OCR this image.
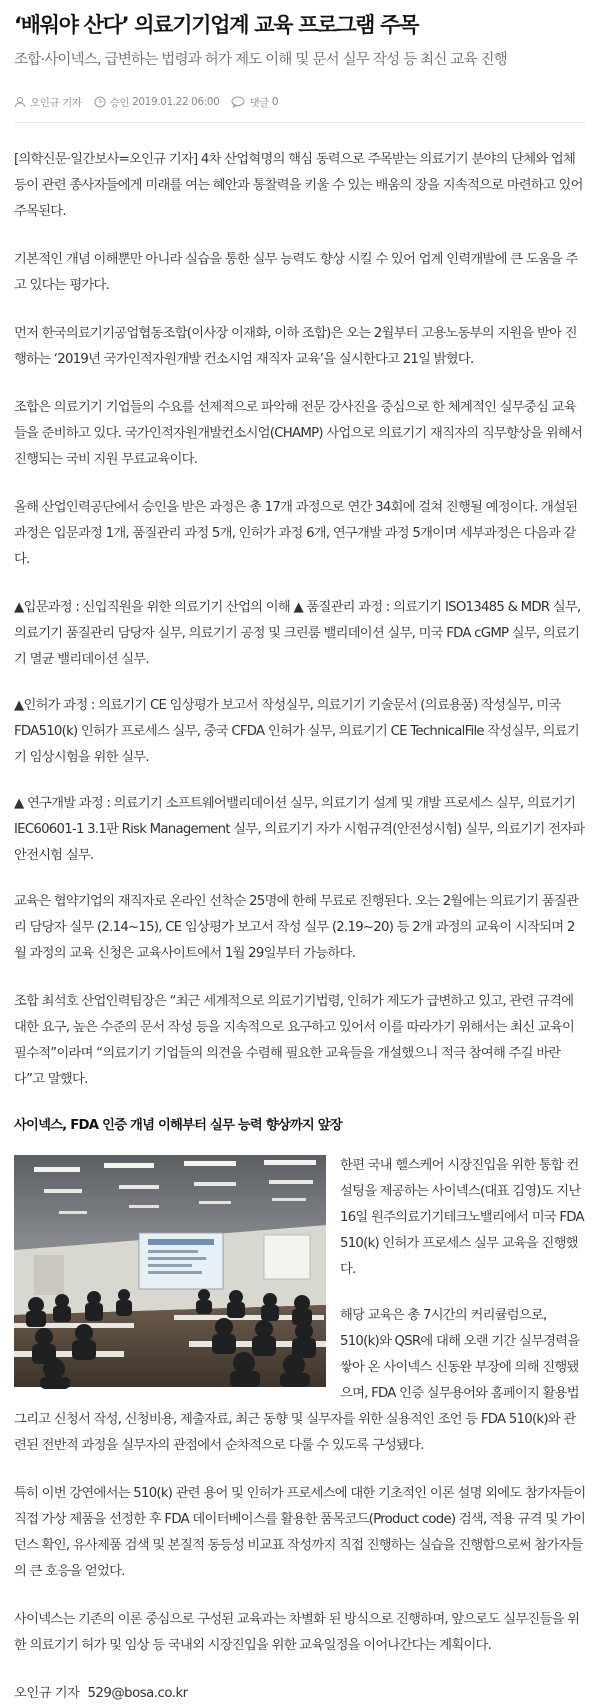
‘배워야 산다’ 의료기기업계 교육 프로그램 주목
조합·사이넥스, 급변하는 법령과 허가 제도 이해 및 문서 실무 작성 등 최신 교육 진행
오인규 기자	승인
2019.01.22 06:00	댓글
0

[의학신문·일간보사=오인규 기자] 4차 산업혁명의 핵심 동력으로 주목받는 의료기기 분야의 단체와 업체 등이 관련 종사자들에게 미래를 여는 혜안과 통찰력을 키울 수 있는 배움의 장을 지속적으로 마련하고 있어 주목된다.

기본적인 개념 이해뿐만 아니라 실습을 통한 실무 능력도 향상 시킬 수 있어 업계 인력개발에 큰 도움을 주고 있다는 평가다.

먼저 한국의료기기공업협동조합(이사장 이재화, 이하 조합)은 오는 2월부터 고용노동부의 지원을 받아 진행하는 ‘2019년 국가인적자원개발 컨소시엄 재직자 교육’을 실시한다고 21일 밝혔다.

조합은 의료기기 기업들의 수요를 선제적으로 파악해 전문 강사진을 중심으로 한 체계적인 실무중심 교육들을 준비하고 있다. 국가인적자원개발컨소시엄(CHAMP) 사업으로 의료기기 재직자의 직무향상을 위해서 진행되는 국비 지원 무료교육이다.

올해 산업인력공단에서 승인을 받은 과정은 총 17개 과정으로 연간 34회에 걸쳐 진행될 예정이다. 개설된 과정은 입문과정 1개, 품질관리 과정 5개, 인허가 과정 6개, 연구개발 과정 5개이며 세부과정은 다음과 같다.

▲입문과정 : 신입직원을 위한 의료기기 산업의 이해 ▲ 품질관리 과정 : 의료기기 ISO13485 & MDR 실무, 의료기기 품질관리 담당자 실무, 의료기기 공정 및 크린룸 밸리데이션 실무, 미국 FDA cGMP 실무, 의료기기 멸균 밸리데이션 실무.

▲인허가 과정 : 의료기기 CE 임상평가 보고서 작성실무, 의료기기 기술문서 (의료용품) 작성실무, 미국 FDA510(k) 인허가 프로세스 실무, 중국 CFDA 인허가 실무, 의료기기 CE TechnicalFile 작성실무, 의료기기 임상시험을 위한 실무.

▲ 연구개발 과정 : 의료기기 소프트웨어밸리데이션 실무, 의료기기 설계 및 개발 프로세스 실무, 의료기기 IEC60601-1 3.1판 Risk Management 실무, 의료기기 자가 시험규격(안전성시험) 실무, 의료기기 전자파 안전시험 실무.

교육은 협약기업의 재직자로 온라인 선착순 25명에 한해 무료로 진행된다. 오는 2월에는 의료기기 품질관리 담당자 실무 (2.14~15), CE 임상평가 보고서 작성 실무 (2.19~20) 등 2개 과정의 교육이 시작되며 2월 과정의 교육 신청은 교육사이트에서 1월 29일부터 가능하다.

조합 최석호 산업인력팀장은 “최근 세계적으로 의료기기법령, 인허가 제도가 급변하고 있고, 관련 규격에 대한 요구, 높은 수준의 문서 작성 등을 지속적으로 요구하고 있어서 이를 따라가기 위해서는 최신 교육이 필수적”이라며 “의료기기 기업들의 의견을 수렴해 필요한 교육들을 개설했으니 적극 참여해 주길 바란다”고 말했다.

사이넥스, FDA 인증 개념 이해부터 실무 능력 향상까지 앞장

한편 국내 헬스케어 시장진입을 위한 통합 컨설팅을 제공하는 사이넥스(대표 김영)도 지난 16일 원주의료기기테크노밸리에서 미국 FDA 510(k) 인허가 프로세스 실무 교육을 진행했다.

해당 교육은 총 7시간의 커리큘럼으로, 510(k)와 QSR에 대해 오랜 기간 실무경력을 쌓아 온 사이넥스 신동완 부장에 의해 진행됐으며, FDA 인증 실무용어와 홈페이지 활용법 그리고 신청서 작성, 신청비용, 제출자료, 최근 동향 및 실무자를 위한 실용적인 조언 등 FDA 510(k)와 관련된 전반적 과정을 실무자의 관점에서 순차적으로 다룰 수 있도록 구성됐다.

특히 이번 강연에서는 510(k) 관련 용어 및 인허가 프로세스에 대한 기초적인 이론 설명 외에도 참가자들이 직접 가상 제품을 선정한 후 FDA 데이터베이스를 활용한 품목코드(Product code) 검색, 적용 규격 및 가이던스 확인, 유사제품 검색 및 본질적 동등성 비교표 작성까지 직접 진행하는 실습을 진행함으로써 참가자들의 큰 호응을 얻었다.

사이넥스는 기존의 이론 중심으로 구성된 교육과는 차별화 된 방식으로 진행하며, 앞으로도 실무진들을 위한 의료기기 허가 및 임상 등 국내외 시장진입을 위한 교육일정을 이어나간다는 계획이다.

오인규 기자 529@bosa.co.kr
